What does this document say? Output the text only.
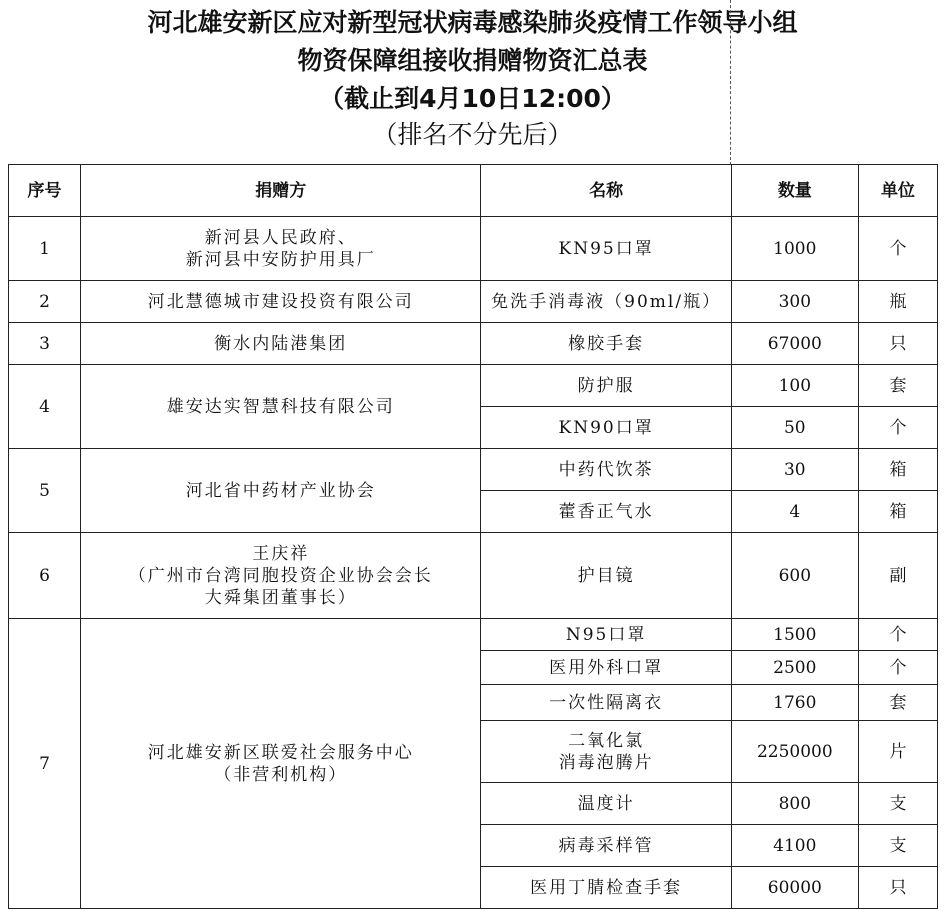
河北雄安新区应对新型冠状病毒感染肺炎疫情工作领导小组
物资保障组接收捐赠物资汇总表
（截止到4月10日12:00）
（排名不分先后）
序号	捐赠方	名称	数量	单位

1	新河县人民政府、
新河县中安防护用具厂	KN95口罩	1000	个

2	河北慧德城市建设投资有限公司	免洗手消毒液（90ml/瓶）	300	瓶

3	衡水内陆港集团	橡胶手套	67000	只

4	雄安达实智慧科技有限公司	防护服	100	套

		KN90口罩	50	个

5	河北省中药材产业协会	中药代饮茶	30	箱

		藿香正气水	4	箱

6	王庆祥
（广州市台湾同胞投资企业协会会长
大舜集团董事长）	护目镜	600	副

7	河北雄安新区联爱社会服务中心
（非营利机构）	N95口罩	1500	个

		医用外科口罩	2500	个

		一次性隔离衣	1760	套

		二氧化氯
消毒泡腾片	2250000	片

		温度计	800	支

		病毒采样管	4100	支

		医用丁腈检查手套	60000	只
